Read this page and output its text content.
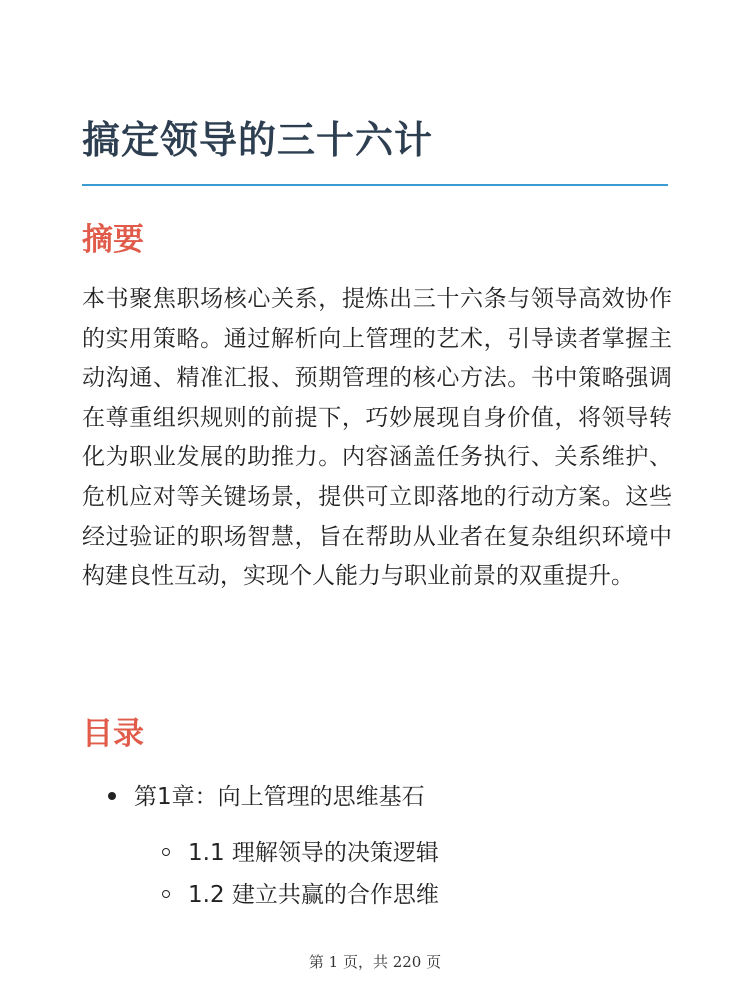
搞定领导的三十六计
摘要

本书聚焦职场核心关系，提炼出三十六条与领导高效协作的实用策略。通过解析向上管理的艺术，引导读者掌握主动沟通、精准汇报、预期管理的核心方法。书中策略强调在尊重组织规则的前提下，巧妙展现自身价值，将领导转化为职业发展的助推力。内容涵盖任务执行、关系维护、危机应对等关键场景，提供可立即落地的行动方案。这些经过验证的职场智慧，旨在帮助从业者在复杂组织环境中构建良性互动，实现个人能力与职业前景的双重提升。

目录
第1章：向上管理的思维基石
1.1 理解领导的决策逻辑
1.2 建立共赢的合作思维
第 1 页，共 220 页
